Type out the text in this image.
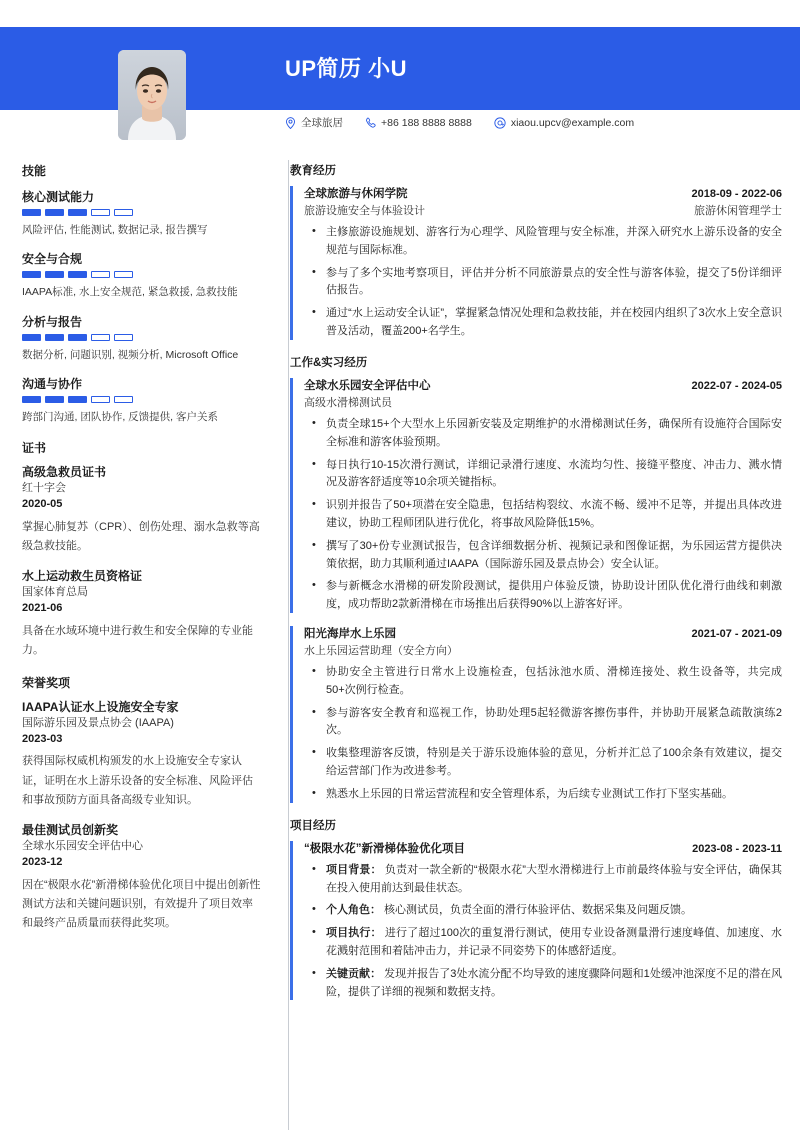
UP简历 小U
全球旅居	+86 188 8888 8888	xiaou.upcv@example.com
技能
核心测试能力
风险评估, 性能测试, 数据记录, 报告撰写
安全与合规
IAAPA标准, 水上安全规范, 紧急救援, 急救技能
分析与报告
数据分析, 问题识别, 视频分析, Microsoft Office
沟通与协作
跨部门沟通, 团队协作, 反馈提供, 客户关系
证书
高级急救员证书
红十字会
2020-05
掌握心肺复苏（CPR）、创伤处理、溺水急救等高级急救技能。
水上运动救生员资格证
国家体育总局
2021-06
具备在水域环境中进行救生和安全保障的专业能力。
荣誉奖项
IAAPA认证水上设施安全专家
国际游乐园及景点协会 (IAAPA)
2023-03
获得国际权威机构颁发的水上设施安全专家认证，证明在水上游乐设备的安全标准、风险评估和事故预防方面具备高级专业知识。
最佳测试员创新奖
全球水乐园安全评估中心
2023-12
因在“极限水花”新滑梯体验优化项目中提出创新性测试方法和关键问题识别，有效提升了项目效率和最终产品质量而获得此奖项。
教育经历
全球旅游与休闲学院	2018-09 - 2022-06
旅游设施安全与体验设计	旅游休闲管理学士
• 主修旅游设施规划、游客行为心理学、风险管理与安全标准，并深入研究水上游乐设备的安全规范与国际标准。
• 参与了多个实地考察项目，评估并分析不同旅游景点的安全性与游客体验，提交了5份详细评估报告。
• 通过“水上运动安全认证”，掌握紧急情况处理和急救技能，并在校园内组织了3次水上安全意识普及活动，覆盖200+名学生。
工作&实习经历
全球水乐园安全评估中心	2022-07 - 2024-05
高级水滑梯测试员
• 负责全球15+个大型水上乐园新安装及定期维护的水滑梯测试任务，确保所有设施符合国际安全标准和游客体验预期。
• 每日执行10-15次滑行测试，详细记录滑行速度、水流均匀性、接缝平整度、冲击力、溅水情况及游客舒适度等10余项关键指标。
• 识别并报告了50+项潜在安全隐患，包括结构裂纹、水流不畅、缓冲不足等，并提出具体改进建议，协助工程师团队进行优化，将事故风险降低15%。
• 撰写了30+份专业测试报告，包含详细数据分析、视频记录和图像证据，为乐园运营方提供决策依据，助力其顺利通过IAAPA（国际游乐园及景点协会）安全认证。
• 参与新概念水滑梯的研发阶段测试，提供用户体验反馈，协助设计团队优化滑行曲线和刺激度，成功帮助2款新滑梯在市场推出后获得90%以上游客好评。
阳光海岸水上乐园	2021-07 - 2021-09
水上乐园运营助理（安全方向）
• 协助安全主管进行日常水上设施检查，包括泳池水质、滑梯连接处、救生设备等，共完成50+次例行检查。
• 参与游客安全教育和巡视工作，协助处理5起轻微游客擦伤事件，并协助开展紧急疏散演练2次。
• 收集整理游客反馈，特别是关于游乐设施体验的意见，分析并汇总了100余条有效建议，提交给运营部门作为改进参考。
• 熟悉水上乐园的日常运营流程和安全管理体系，为后续专业测试工作打下坚实基础。
项目经历
“极限水花”新滑梯体验优化项目	2023-08 - 2023-11
• 项目背景： 负责对一款全新的“极限水花”大型水滑梯进行上市前最终体验与安全评估，确保其在投入使用前达到最佳状态。
• 个人角色： 核心测试员，负责全面的滑行体验评估、数据采集及问题反馈。
• 项目执行： 进行了超过100次的重复滑行测试，使用专业设备测量滑行速度峰值、加速度、水花溅射范围和着陆冲击力，并记录不同姿势下的体感舒适度。
• 关键贡献： 发现并报告了3处水流分配不均导致的速度骤降问题和1处缓冲池深度不足的潜在风险，提供了详细的视频和数据支持。
